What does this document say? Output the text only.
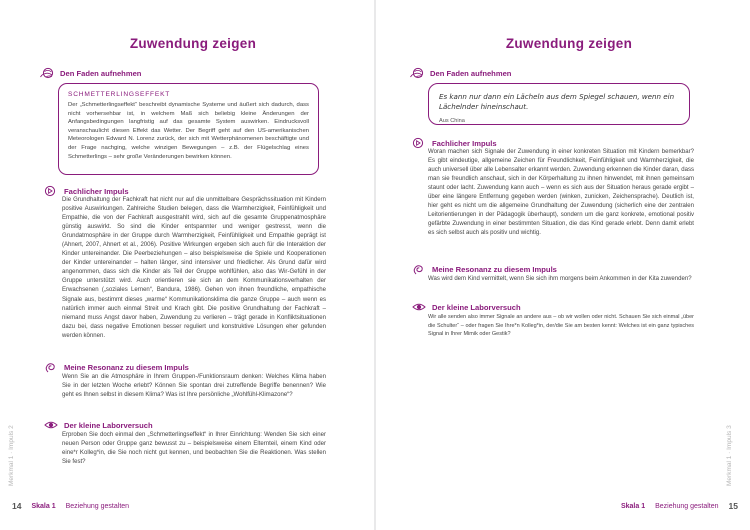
Zuwendung zeigen
Den Faden aufnehmen
SCHMETTERLINGSEFFEKT
Der „Schmetterlingseffekt“ beschreibt dynamische Systeme und äußert sich dadurch, dass nicht vorhersehbar ist, in welchem Maß sich beliebig kleine Änderungen der Anfangsbedingungen langfristig auf das gesamte System auswirken. Eindrucksvoll veranschaulicht diesen Effekt das Wetter. Der Begriff geht auf den US-amerikanischen Meteorologen Edward N. Lorenz zurück, der sich mit Wetterphänomenen beschäftigte und der Frage nachging, welche winzigen Bewegungen – z.B. der Flügelschlag eines Schmetterlings – sehr große Veränderungen bewirken können.
Fachlicher Impuls
Die Grundhaltung der Fachkraft hat nicht nur auf die unmittelbare Gesprächssituation mit Kindern positive Auswirkungen. Zahlreiche Studien belegen, dass die Warmherzigkeit, Feinfühligkeit und Empathie, die von der Fachkraft ausgestrahlt wird, sich auf die gesamte Gruppenatmosphäre günstig auswirkt. So sind die Kinder entspannter und weniger gestresst, wenn die Grundatmosphäre in der Gruppe durch Warmherzigkeit, Feinfühligkeit und Empathie geprägt ist (Ahnert, 2007, Ahnert et al., 2006). Positive Wirkungen ergeben sich auch für die Interaktion der Kinder untereinander. Die Peerbeziehungen – also beispielsweise die Spiele und Kooperationen der Kinder untereinander – halten länger, sind intensiver und friedlicher. Als Grund dafür wird angenommen, dass sich die Kinder als Teil der Gruppe wohlfühlen, also das Wir-Gefühl in der Gruppe unterstützt wird. Auch orientieren sie sich an dem Kommunikationsverhalten der Erwachsenen („soziales Lernen“, Bandura, 1986). Gehen von ihnen freundliche, empathische Signale aus, bestimmt dieses „warme“ Kommunikationsklima die ganze Gruppe – auch wenn es natürlich immer auch einmal Streit und Krach gibt. Die positive Grundhaltung der Fachkraft – niemand muss Angst davor haben, Zuwendung zu verlieren – trägt gerade in Konfliktsituationen dazu bei, dass negative Emotionen besser reguliert und konstruktive Lösungen eher gefunden werden können.
Meine Resonanz zu diesem Impuls
Wenn Sie an die Atmosphäre in Ihrem Gruppen-/Funktionsraum denken: Welches Klima haben Sie in der letzten Woche erlebt? Können Sie spontan drei zutreffende Begriffe benennen? Wie geht es Ihnen selbst in diesem Klima? Was ist Ihre persönliche „Wohlfühl-Klimazone“?
Der kleine Laborversuch
Erproben Sie doch einmal den „Schmetterlingseffekt“ in Ihrer Einrichtung: Wenden Sie sich einer neuen Person oder Gruppe ganz bewusst zu – beispielsweise einem Elternteil, einem Kind oder eine*r Kolleg*in, die Sie noch nicht gut kennen, und beobachten Sie die Reaktionen. Was stellen Sie fest?
Merkmal 1 · Impuls 2
14 Skala 1 Beziehung gestalten
Zuwendung zeigen
Den Faden aufnehmen
Es kann nur dann ein Lächeln aus dem Spiegel schauen, wenn ein Lächelnder hineinschaut.
Aus China
Fachlicher Impuls
Woran machen sich Signale der Zuwendung in einer konkreten Situation mit Kindern bemerkbar? Es gibt eindeutige, allgemeine Zeichen für Freundlichkeit, Feinfühligkeit und Warmherzigkeit, die auch universell über alle Lebensalter erkannt werden. Zuwendung erkennen die Kinder daran, dass man sie freundlich anschaut, sich in der Körperhaltung zu ihnen hinwendet, mit ihnen gemeinsam staunt oder lacht. Zuwendung kann auch – wenn es sich aus der Situation heraus gerade ergibt – über eine längere Entfernung gegeben werden (winken, zunicken, Zeichensprache). Deutlich ist, hier geht es nicht um die allgemeine Grundhaltung der Zuwendung (sicherlich eine der zentralen Leitorientierungen in der Pädagogik überhaupt), sondern um die ganz konkrete, emotional positiv gefärbte Zuwendung in einer bestimmten Situation, die das Kind gerade erlebt. Denn damit erlebt es sich selbst auch als positiv und wichtig.
Meine Resonanz zu diesem Impuls
Was wird dem Kind vermittelt, wenn Sie sich ihm morgens beim Ankommen in der Kita zuwenden?
Der kleine Laborversuch
Wir alle senden also immer Signale an andere aus – ob wir wollen oder nicht. Schauen Sie sich einmal „über die Schulter“ – oder fragen Sie Ihre*n Kolleg*in, der/die Sie am besten kennt: Welches ist ein ganz typisches Signal in Ihrer Mimik oder Gestik?
Merkmal 1 · Impuls 3
Skala 1 Beziehung gestalten 15
